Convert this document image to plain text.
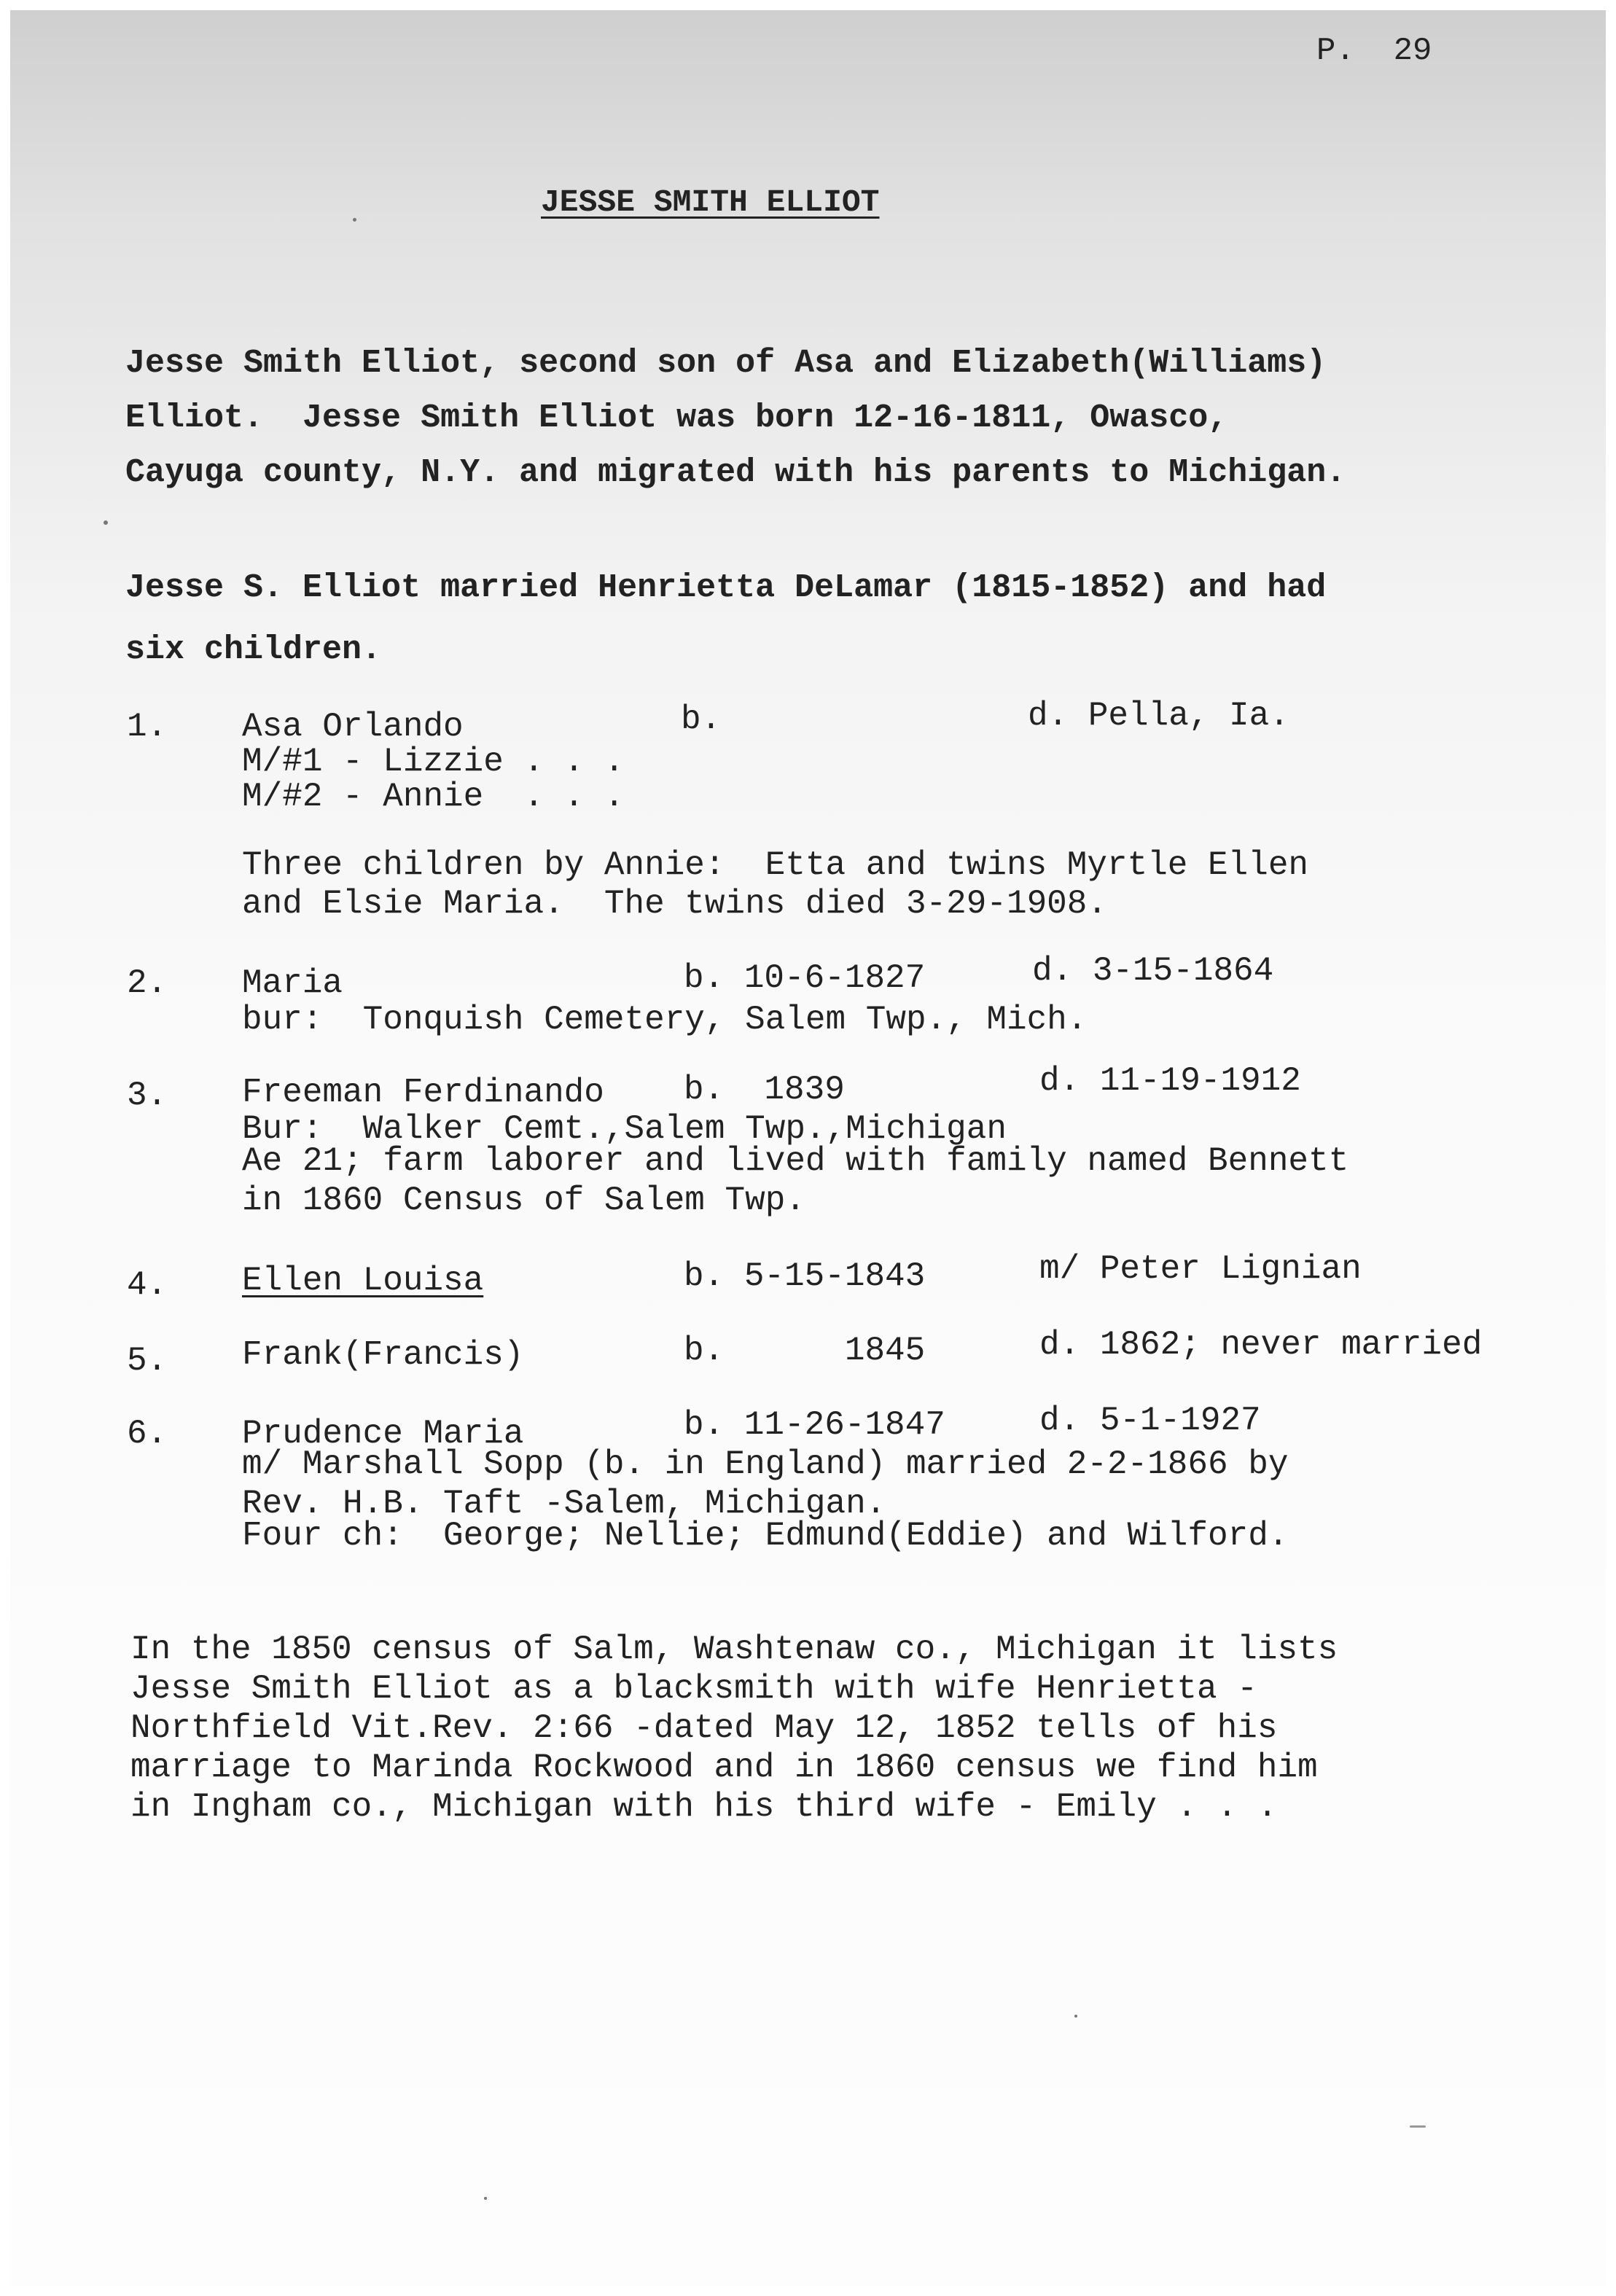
P.  29
JESSE SMITH ELLIOT
Jesse Smith Elliot, second son of Asa and Elizabeth(Williams)
Elliot.  Jesse Smith Elliot was born 12-16-1811, Owasco,
Cayuga county, N.Y. and migrated with his parents to Michigan.
Jesse S. Elliot married Henrietta DeLamar (1815-1852) and had
six children.
1. Asa Orlando	b.	d. Pella, Ia.
M/#1 - Lizzie . . .
M/#2 - Annie  . . .
Three children by Annie:  Etta and twins Myrtle Ellen
and Elsie Maria.  The twins died 3-29-1908.
2. Maria	b. 10-6-1827	d. 3-15-1864
bur:  Tonquish Cemetery, Salem Twp., Mich.
3. Freeman Ferdinando b.  1839	d. 11-19-1912
Bur:  Walker Cemt.,Salem Twp.,Michigan
Ae 21; farm laborer and lived with family named Bennett
in 1860 Census of Salem Twp.
4. Ellen Louisa	b. 5-15-1843	m/ Peter Lignian
5. Frank(Francis)	b.      1845	d. 1862; never married
6. Prudence Maria	b. 11-26-1847	d. 5-1-1927
m/ Marshall Sopp (b. in England) married 2-2-1866 by
Rev. H.B. Taft -Salem, Michigan.
Four ch:  George; Nellie; Edmund(Eddie) and Wilford.
In the 1850 census of Salm, Washtenaw co., Michigan it lists
Jesse Smith Elliot as a blacksmith with wife Henrietta -
Northfield Vit.Rev. 2:66 -dated May 12, 1852 tells of his
marriage to Marinda Rockwood and in 1860 census we find him
in Ingham co., Michigan with his third wife - Emily . . .
